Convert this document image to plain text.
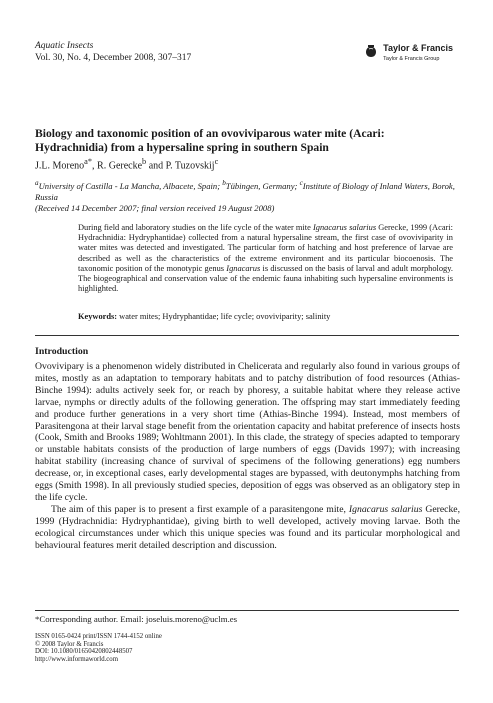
Aquatic Insects
Vol. 30, No. 4, December 2008, 307–317
Taylor & Francis
Taylor & Francis Group
Biology and taxonomic position of an ovoviviparous water mite (Acari: Hydrachnidia) from a hypersaline spring in southern Spain
J.L. Moreno$^{a*}$, R. Gerecke$^b$ and P. Tuzovskij$^c$
$^a$University of Castilla - La Mancha, Albacete, Spain; $^b$Tübingen, Germany; $^c$Institute of Biology of Inland Waters, Borok, Russia
(Received 14 December 2007; final version received 19 August 2008)
During field and laboratory studies on the life cycle of the water mite Ignacarus salarius Gerecke, 1999 (Acari: Hydrachnidia: Hydryphantidae) collected from a natural hypersaline stream, the first case of ovoviviparity in water mites was detected and investigated. The particular form of hatching and host preference of larvae are described as well as the characteristics of the extreme environment and its particular biocoenosis. The taxonomic position of the monotypic genus Ignacarus is discussed on the basis of larval and adult morphology. The biogeographical and conservation value of the endemic fauna inhabiting such hypersaline environments is highlighted.
Keywords: water mites; Hydryphantidae; life cycle; ovoviviparity; salinity
Introduction

Ovovivipary is a phenomenon widely distributed in Chelicerata and regularly also found in various groups of mites, mostly as an adaptation to temporary habitats and to patchy distribution of food resources (Athias-Binche 1994): adults actively seek for, or reach by phoresy, a suitable habitat where they release active larvae, nymphs or directly adults of the following generation. The offspring may start immediately feeding and produce further generations in a very short time (Athias-Binche 1994). Instead, most members of Parasitengona at their larval stage benefit from the orientation capacity and habitat preference of insects hosts (Cook, Smith and Brooks 1989; Wohltmann 2001). In this clade, the strategy of species adapted to temporary or unstable habitats consists of the production of large numbers of eggs (Davids 1997); with increasing habitat stability (increasing chance of survival of specimens of the following generations) egg numbers decrease, or, in exceptional cases, early developmental stages are bypassed, with deutonymphs hatching from eggs (Smith 1998). In all previously studied species, deposition of eggs was observed as an obligatory step in the life cycle.

The aim of this paper is to present a first example of a parasitengone mite, Ignacarus salarius Gerecke, 1999 (Hydrachnidia: Hydryphantidae), giving birth to well developed, actively moving larvae. Both the ecological circumstances under which this unique species was found and its particular morphological and behavioural features merit detailed description and discussion.

*Corresponding author. Email: joseluis.moreno@uclm.es
ISSN 0165-0424 print/ISSN 1744-4152 online
© 2008 Taylor & Francis
DOI: 10.1080/01650420802448507
http://www.informaworld.com
